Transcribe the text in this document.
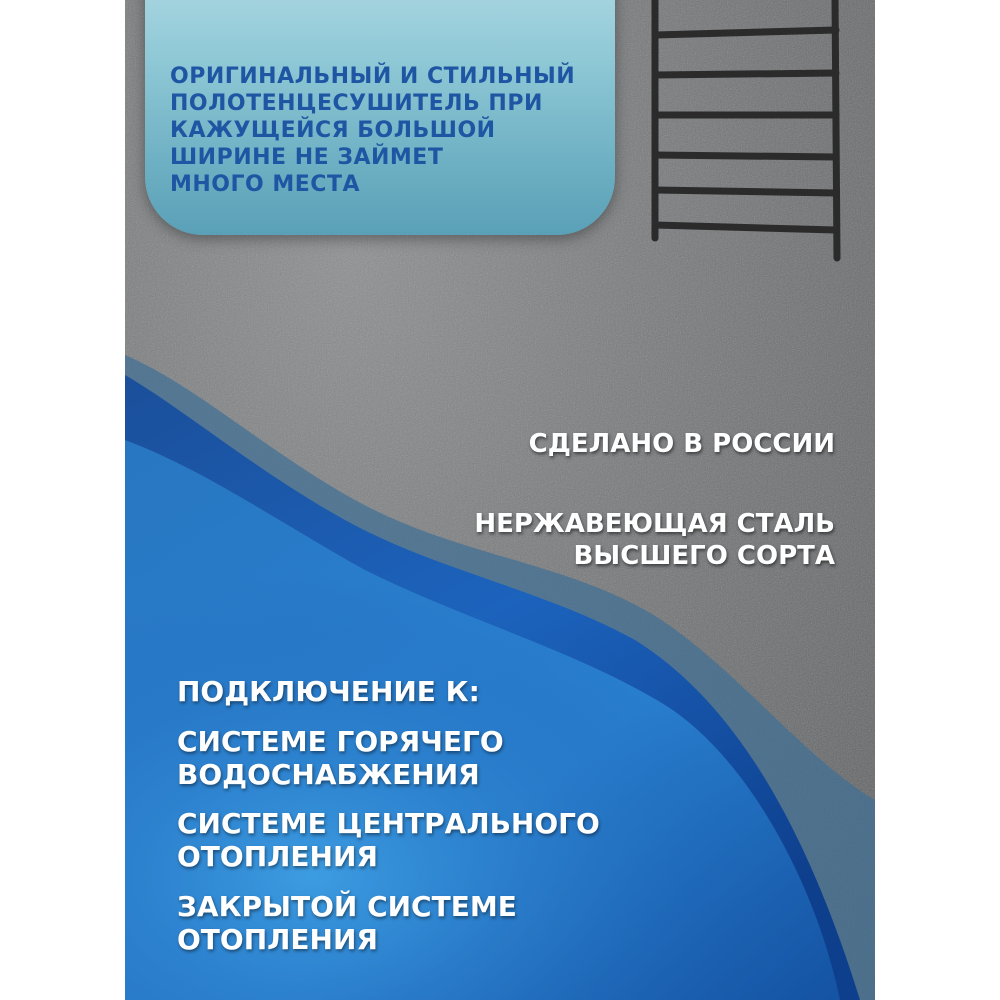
ОРИГИНАЛЬНЫЙ И СТИЛЬНЫЙ
ПОЛОТЕНЦЕСУШИТЕЛЬ ПРИ
КАЖУЩЕЙСЯ БОЛЬШОЙ
ШИРИНЕ НЕ ЗАЙМЕТ
МНОГО МЕСТА
СДЕЛАНО В РОССИИ
НЕРЖАВЕЮЩАЯ СТАЛЬ
ВЫСШЕГО СОРТА
ПОДКЛЮЧЕНИЕ К:
СИСТЕМЕ ГОРЯЧЕГО
ВОДОСНАБЖЕНИЯ
СИСТЕМЕ ЦЕНТРАЛЬНОГО
ОТОПЛЕНИЯ
ЗАКРЫТОЙ СИСТЕМЕ
ОТОПЛЕНИЯ
